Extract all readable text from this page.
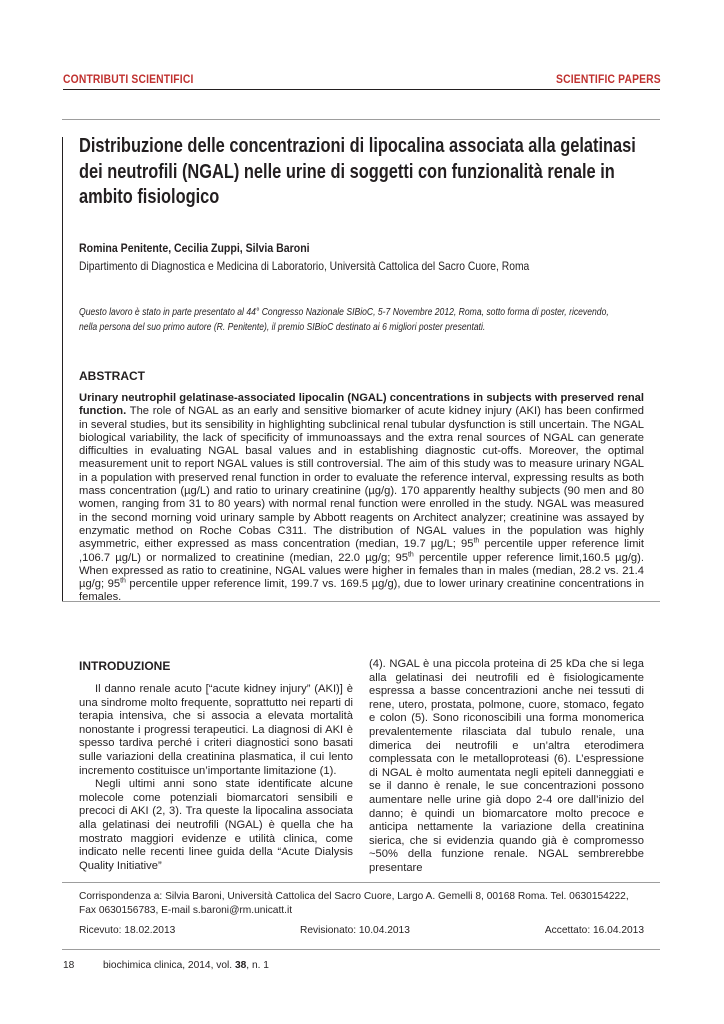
CONTRIBUTI SCIENTIFICI	SCIENTIFIC PAPERS
Distribuzione delle concentrazioni di lipocalina associata alla gelatinasi dei neutrofili (NGAL) nelle urine di soggetti con funzionalità renale in ambito fisiologico
Romina Penitente, Cecilia Zuppi, Silvia Baroni
Dipartimento di Diagnostica e Medicina di Laboratorio, Università Cattolica del Sacro Cuore, Roma
Questo lavoro è stato in parte presentato al 44° Congresso Nazionale SIBioC, 5-7 Novembre 2012, Roma, sotto forma di poster, ricevendo,
nella persona del suo primo autore (R. Penitente), il premio SIBioC destinato ai 6 migliori poster presentati.
ABSTRACT
Urinary neutrophil gelatinase-associated lipocalin (NGAL) concentrations in subjects with preserved renal function. The role of NGAL as an early and sensitive biomarker of acute kidney injury (AKI) has been confirmed in several studies, but its sensibility in highlighting subclinical renal tubular dysfunction is still uncertain. The NGAL biological variability, the lack of specificity of immunoassays and the extra renal sources of NGAL can generate difficulties in evaluating NGAL basal values and in establishing diagnostic cut-offs. Moreover, the optimal measurement unit to report NGAL values is still controversial. The aim of this study was to measure urinary NGAL in a population with preserved renal function in order to evaluate the reference interval, expressing results as both mass concentration (µg/L) and ratio to urinary creatinine (µg/g). 170 apparently healthy subjects (90 men and 80 women, ranging from 31 to 80 years) with normal renal function were enrolled in the study. NGAL was measured in the second morning void urinary sample by Abbott reagents on Architect analyzer; creatinine was assayed by enzymatic method on Roche Cobas C311. The distribution of NGAL values in the population was highly asymmetric, either expressed as mass concentration (median, 19.7 µg/L; 95th percentile upper reference limit ,106.7 µg/L) or normalized to creatinine (median, 22.0 µg/g; 95th percentile upper reference limit,160.5 µg/g). When expressed as ratio to creatinine, NGAL values were higher in females than in males (median, 28.2 vs. 21.4 µg/g; 95th percentile upper reference limit, 199.7 vs. 169.5 µg/g), due to lower urinary creatinine concentrations in females.
INTRODUZIONE

Il danno renale acuto [“acute kidney injury” (AKI)] è una sindrome molto frequente, soprattutto nei reparti di terapia intensiva, che si associa a elevata mortalità nonostante i progressi terapeutici. La diagnosi di AKI è spesso tardiva perché i criteri diagnostici sono basati sulle variazioni della creatinina plasmatica, il cui lento incremento costituisce un’importante limitazione (1).

Negli ultimi anni sono state identificate alcune molecole come potenziali biomarcatori sensibili e precoci di AKI (2, 3). Tra queste la lipocalina associata alla gelatinasi dei neutrofili (NGAL) è quella che ha mostrato maggiori evidenze e utilità clinica, come indicato nelle recenti linee guida della “Acute Dialysis Quality Initiative”

(4). NGAL è una piccola proteina di 25 kDa che si lega alla gelatinasi dei neutrofili ed è fisiologicamente espressa a basse concentrazioni anche nei tessuti di rene, utero, prostata, polmone, cuore, stomaco, fegato e colon (5). Sono riconoscibili una forma monomerica prevalentemente rilasciata dal tubulo renale, una dimerica dei neutrofili e un’altra eterodimera complessata con le metalloproteasi (6). L’espressione di NGAL è molto aumentata negli epiteli danneggiati e se il danno è renale, le sue concentrazioni possono aumentare nelle urine già dopo 2-4 ore dall’inizio del danno; è quindi un biomarcatore molto precoce e anticipa nettamente la variazione della creatinina sierica, che si evidenzia quando già è compromesso ~50% della funzione renale. NGAL sembrerebbe presentare

Corrispondenza a: Silvia Baroni, Università Cattolica del Sacro Cuore, Largo A. Gemelli 8, 00168 Roma. Tel. 0630154222, Fax 0630156783, E-mail s.baroni@rm.unicatt.it
Ricevuto: 18.02.2013	Revisionato: 10.04.2013	Accettato: 16.04.2013
18	biochimica clinica, 2014, vol. 38, n. 1
